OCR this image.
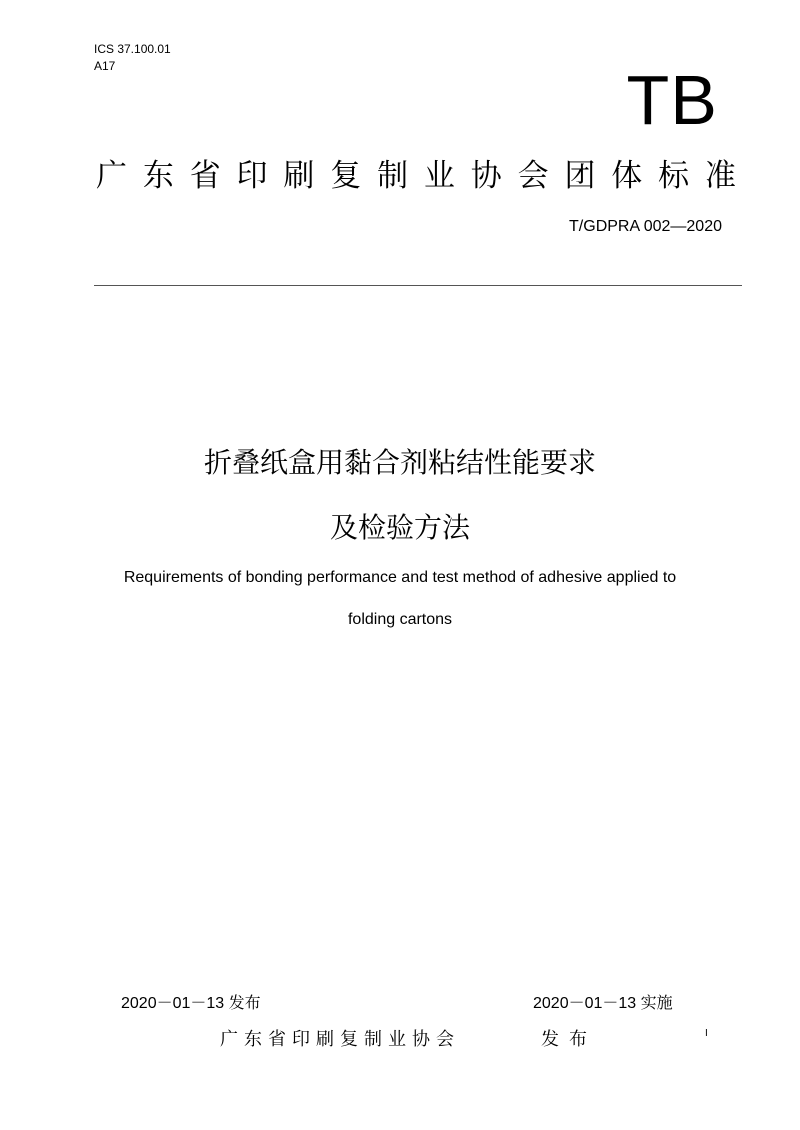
ICS 37.100.01
A17	TB
广 东 省 印 刷 复 制 业 协 会 团 体 标 准
T/GDPRA 002—2020
折叠纸盒用黏合剂粘结性能要求
及检验方法
Requirements of bonding performance and test method of adhesive applied to
folding cartons
2020－01－13 发布	2020－01－13 实施
广东省印刷复制业协会	发布	I
